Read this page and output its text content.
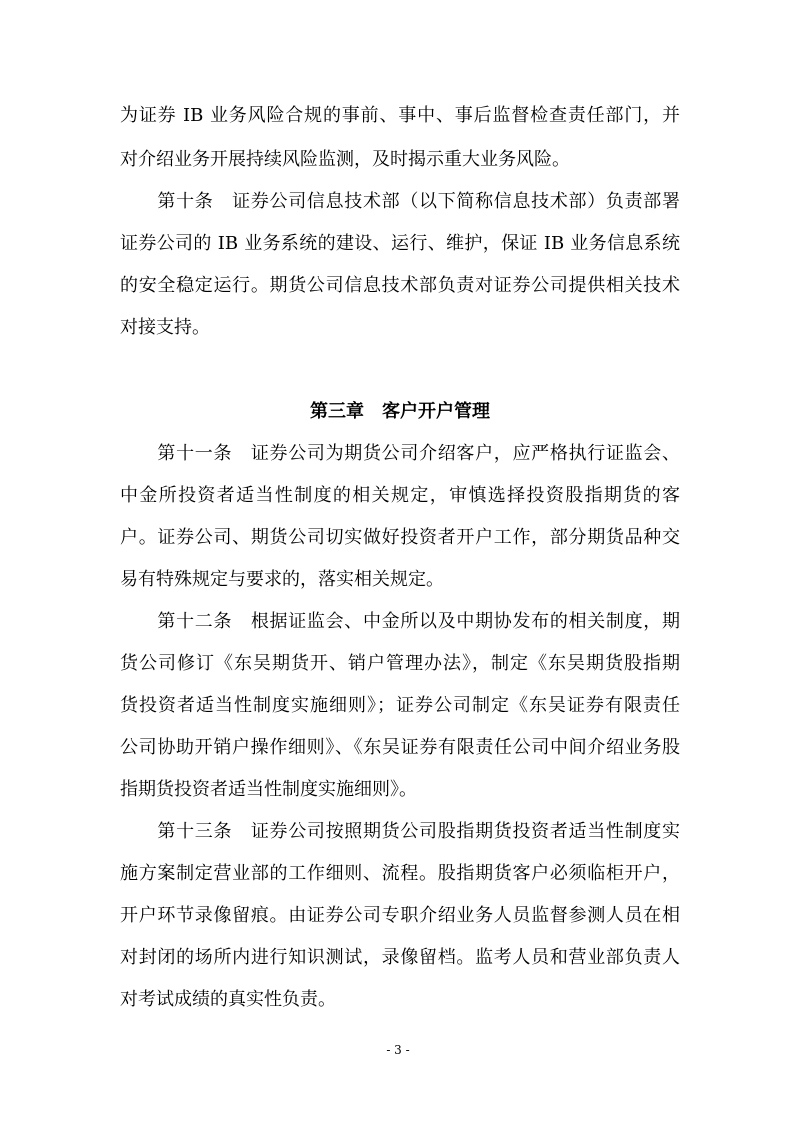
为证券 IB 业务风险合规的事前、事中、事后监督检查责任部门，并
对介绍业务开展持续风险监测，及时揭示重大业务风险。
　　第十条　证券公司信息技术部（以下简称信息技术部）负责部署
证券公司的 IB 业务系统的建设、运行、维护，保证 IB 业务信息系统
的安全稳定运行。期货公司信息技术部负责对证券公司提供相关技术
对接支持。
第三章　客户开户管理
　　第十一条　证券公司为期货公司介绍客户，应严格执行证监会、
中金所投资者适当性制度的相关规定，审慎选择投资股指期货的客
户。证券公司、期货公司切实做好投资者开户工作，部分期货品种交
易有特殊规定与要求的，落实相关规定。
　　第十二条　根据证监会、中金所以及中期协发布的相关制度，期
货公司修订《东吴期货开、销户管理办法》，制定《东吴期货股指期
货投资者适当性制度实施细则》；证券公司制定《东吴证券有限责任
公司协助开销户操作细则》、《东吴证券有限责任公司中间介绍业务股
指期货投资者适当性制度实施细则》。
　　第十三条　证券公司按照期货公司股指期货投资者适当性制度实
施方案制定营业部的工作细则、流程。股指期货客户必须临柜开户，
开户环节录像留痕。由证券公司专职介绍业务人员监督参测人员在相
对封闭的场所内进行知识测试，录像留档。监考人员和营业部负责人
对考试成绩的真实性负责。
- 3 -
